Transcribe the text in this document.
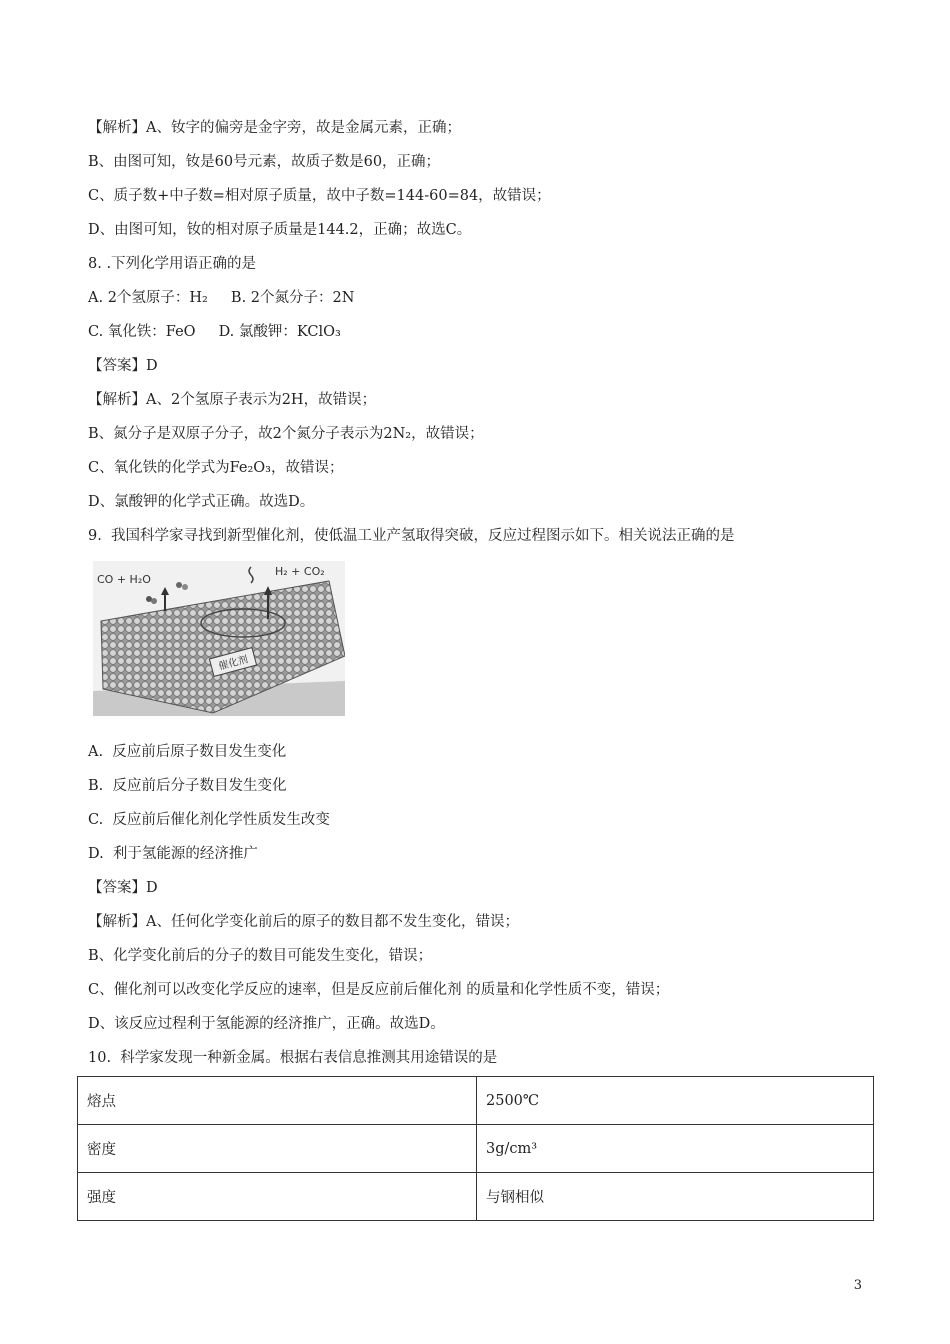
【解析】A、钕字的偏旁是金字旁，故是金属元素，正确；
B、由图可知，钕是60号元素，故质子数是60，正确；
C、质子数+中子数=相对原子质量，故中子数=144-60=84，故错误；
D、由图可知，钕的相对原子质量是144.2，正确；故选C。
8. .下列化学用语正确的是
A. 2个氢原子：H₂     B. 2个氮分子：2N
C. 氧化铁：FeO     D. 氯酸钾：KClO₃
【答案】D
【解析】A、2个氢原子表示为2H，故错误；
B、氮分子是双原子分子，故2个氮分子表示为2N₂，故错误；
C、氧化铁的化学式为Fe₂O₃，故错误；
D、氯酸钾的化学式正确。故选D。
9.  我国科学家寻找到新型催化剂，使低温工业产氢取得突破，反应过程图示如下。相关说法正确的是
催化剂
CO + H₂O
H₂ + CO₂
A.  反应前后原子数目发生变化
B.  反应前后分子数目发生变化
C.  反应前后催化剂化学性质发生改变
D.  利于氢能源的经济推广
【答案】D
【解析】A、任何化学变化前后的原子的数目都不发生变化，错误；
B、化学变化前后的分子的数目可能发生变化，错误；
C、催化剂可以改变化学反应的速率，但是反应前后催化剂 的质量和化学性质不变，错误；
D、该反应过程利于氢能源的经济推广，正确。故选D。
10.  科学家发现一种新金属。根据右表信息推测其用途错误的是
熔点	2500℃
密度	3g/cm³
强度	与钢相似
3
